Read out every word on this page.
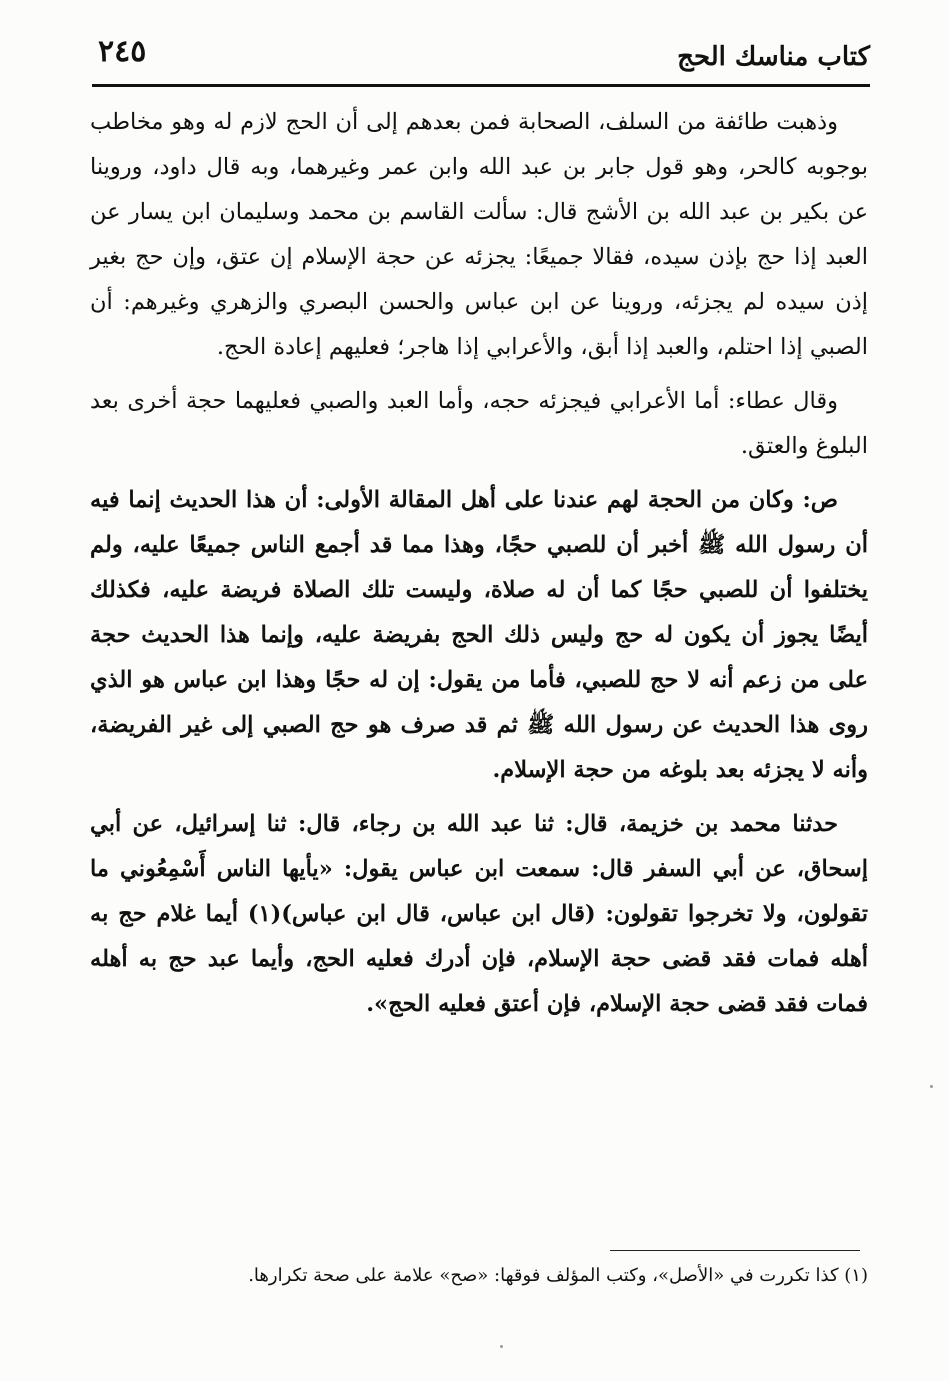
كتاب مناسك الحج
٢٤٥

وذهبت طائفة من السلف، الصحابة فمن بعدهم إلى أن الحج لازم له وهو مخاطب بوجوبه كالحر، وهو قول جابر بن عبد الله وابن عمر وغيرهما، وبه قال داود، وروينا عن بكير بن عبد الله بن الأشج قال: سألت القاسم بن محمد وسليمان ابن يسار عن العبد إذا حج بإذن سيده، فقالا جميعًا: يجزئه عن حجة الإسلام إن عتق، وإن حج بغير إذن سيده لم يجزئه، وروينا عن ابن عباس والحسن البصري والزهري وغيرهم: أن الصبي إذا احتلم، والعبد إذا أبق، والأعرابي إذا هاجر؛ فعليهم إعادة الحج.

وقال عطاء: أما الأعرابي فيجزئه حجه، وأما العبد والصبي فعليهما حجة أخرى بعد البلوغ والعتق.

ص: وكان من الحجة لهم عندنا على أهل المقالة الأولى: أن هذا الحديث إنما فيه أن رسول الله ﷺ أخبر أن للصبي حجًا، وهذا مما قد أجمع الناس جميعًا عليه، ولم يختلفوا أن للصبي حجًا كما أن له صلاة، وليست تلك الصلاة فريضة عليه، فكذلك أيضًا يجوز أن يكون له حج وليس ذلك الحج بفريضة عليه، وإنما هذا الحديث حجة على من زعم أنه لا حج للصبي، فأما من يقول: إن له حجًا وهذا ابن عباس هو الذي روى هذا الحديث عن رسول الله ﷺ ثم قد صرف هو حج الصبي إلى غير الفريضة، وأنه لا يجزئه بعد بلوغه من حجة الإسلام.

حدثنا محمد بن خزيمة، قال: ثنا عبد الله بن رجاء، قال: ثنا إسرائيل، عن أبي إسحاق، عن أبي السفر قال: سمعت ابن عباس يقول: «يأيها الناس أَسْمِعُوني ما تقولون، ولا تخرجوا تقولون: (قال ابن عباس، قال ابن عباس)(١) أيما غلام حج به أهله فمات فقد قضى حجة الإسلام، فإن أدرك فعليه الحج، وأيما عبد حج به أهله فمات فقد قضى حجة الإسلام، فإن أعتق فعليه الحج».

(١) كذا تكررت في «الأصل»، وكتب المؤلف فوقها: «صح» علامة على صحة تكرارها.
